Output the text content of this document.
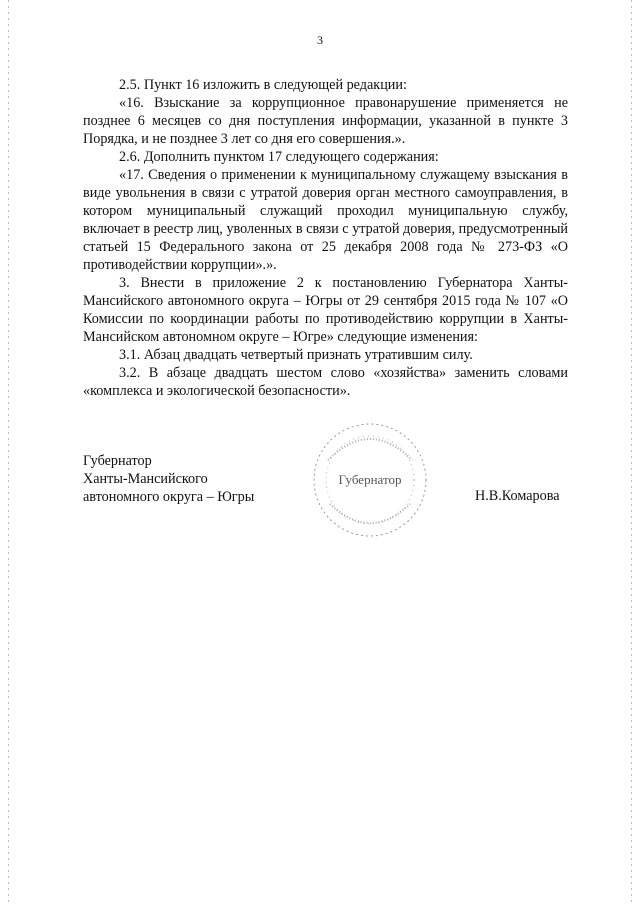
3

2.5. Пункт 16 изложить в следующей редакции:

«16. Взыскание за коррупционное правонарушение применяется не позднее 6 месяцев со дня поступления информации, указанной в пункте 3 Порядка, и не позднее 3 лет со дня его совершения.».

2.6. Дополнить пунктом 17 следующего содержания:

«17. Сведения о применении к муниципальному служащему взыскания в виде увольнения в связи с утратой доверия орган местного самоуправления, в котором муниципальный служащий проходил муниципальную службу, включает в реестр лиц, уволенных в связи с утратой доверия, предусмотренный статьей 15 Федерального закона от 25 декабря 2008 года № 273-ФЗ «О противодействии коррупции».».

3. Внести в приложение 2 к постановлению Губернатора Ханты-Мансийского автономного округа – Югры от 29 сентября 2015 года № 107 «О Комиссии по координации работы по противодействию коррупции в Ханты-Мансийском автономном округе – Югре» следующие изменения:

3.1. Абзац двадцать четвертый признать утратившим силу.

3.2. В абзаце двадцать шестом слово «хозяйства» заменить словами «комплекса и экологической безопасности».

Губернатор
Ханты-Мансийского
автономного округа – Югры
Губернатор
Н.В.Комарова
